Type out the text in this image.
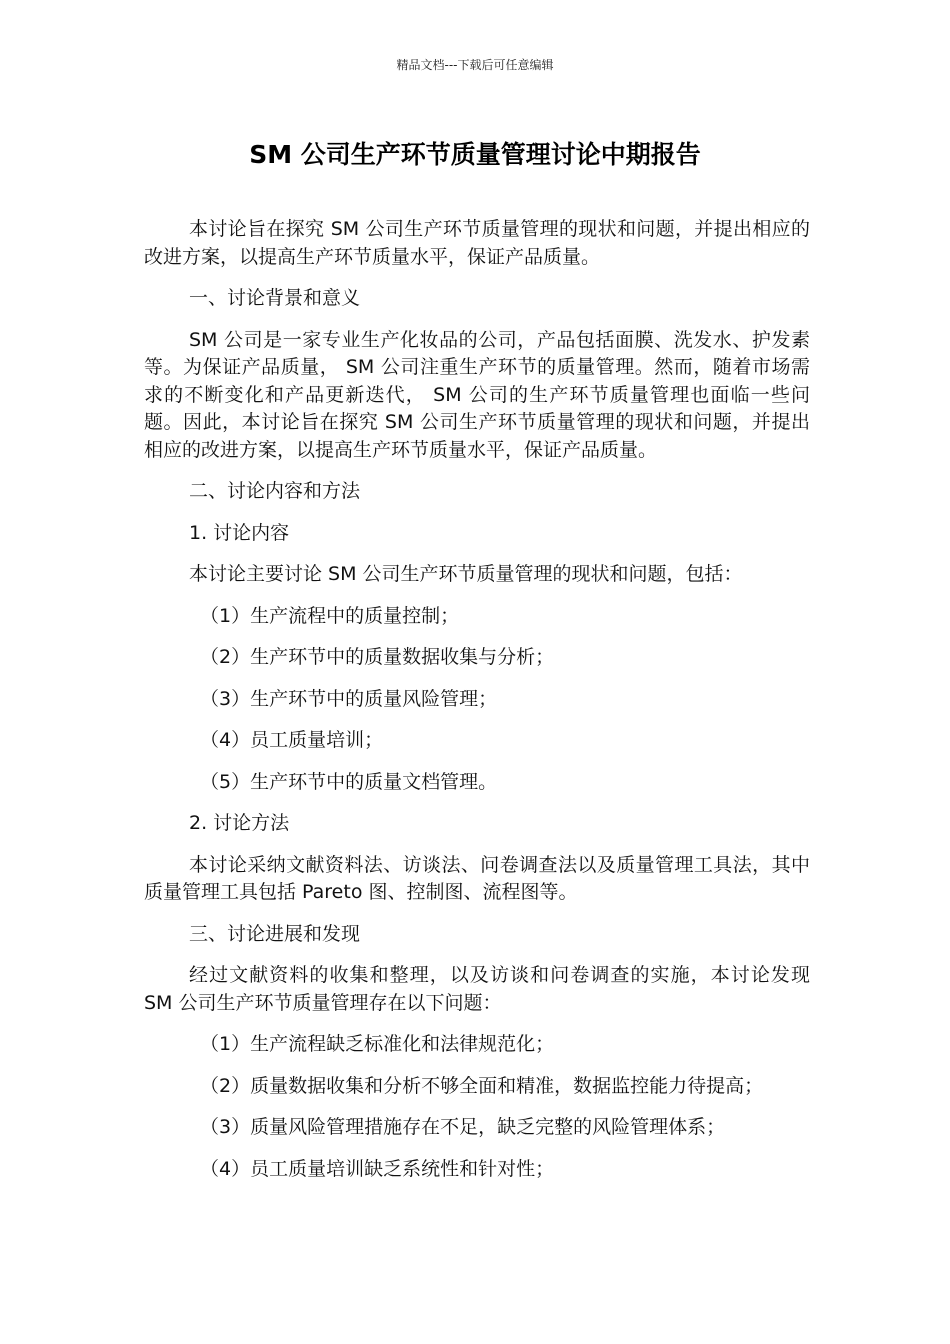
精品文档---下载后可任意编辑
SM 公司生产环节质量管理讨论中期报告

本讨论旨在探究 SM 公司生产环节质量管理的现状和问题，并提出相应的改进方案，以提高生产环节质量水平，保证产品质量。

一、讨论背景和意义

SM 公司是一家专业生产化妆品的公司，产品包括面膜、洗发水、护发素等。为保证产品质量， SM 公司注重生产环节的质量管理。然而，随着市场需求的不断变化和产品更新迭代， SM 公司的生产环节质量管理也面临一些问题。因此，本讨论旨在探究 SM 公司生产环节质量管理的现状和问题，并提出相应的改进方案，以提高生产环节质量水平，保证产品质量。

二、讨论内容和方法

1. 讨论内容

本讨论主要讨论 SM 公司生产环节质量管理的现状和问题，包括：

（1）生产流程中的质量控制；

（2）生产环节中的质量数据收集与分析；

（3）生产环节中的质量风险管理；

（4）员工质量培训；

（5）生产环节中的质量文档管理。

2. 讨论方法

本讨论采纳文献资料法、访谈法、问卷调查法以及质量管理工具法，其中质量管理工具包括 Pareto 图、控制图、流程图等。

三、讨论进展和发现

经过文献资料的收集和整理，以及访谈和问卷调查的实施，本讨论发现 SM 公司生产环节质量管理存在以下问题：

（1）生产流程缺乏标准化和法律规范化；

（2）质量数据收集和分析不够全面和精准，数据监控能力待提高；

（3）质量风险管理措施存在不足，缺乏完整的风险管理体系；

（4）员工质量培训缺乏系统性和针对性；
